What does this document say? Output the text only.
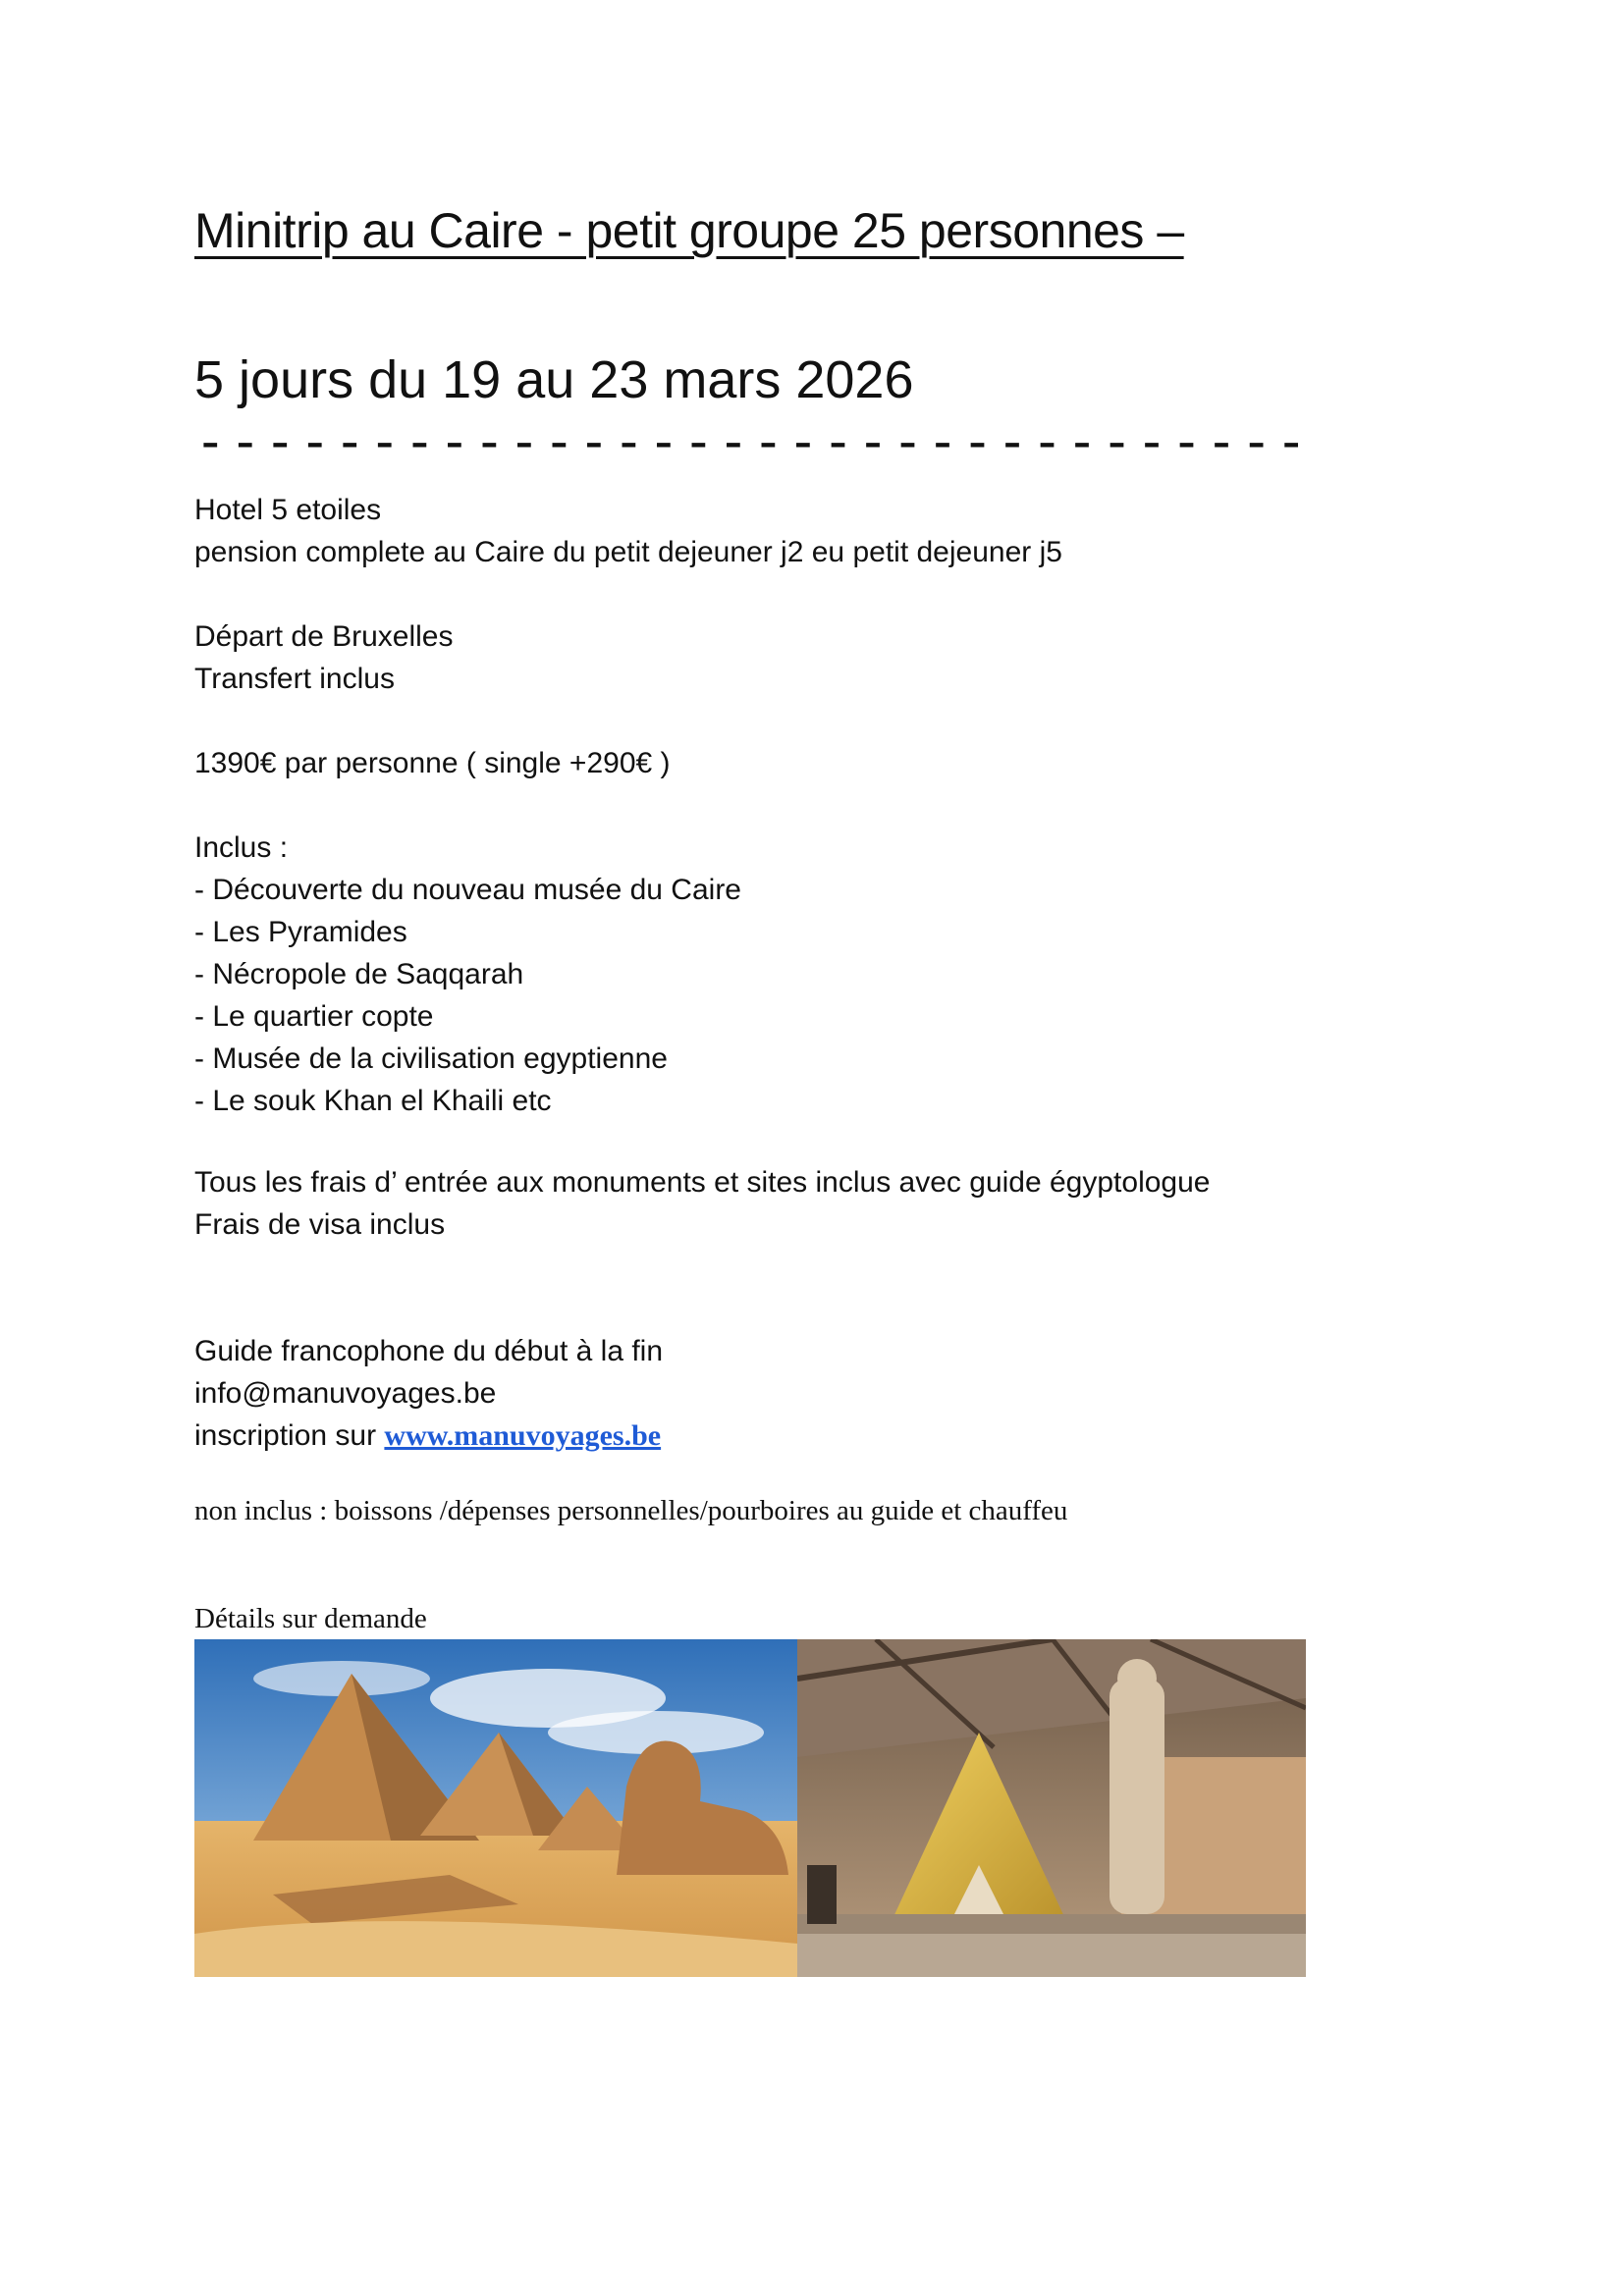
Minitrip au Caire - petit groupe 25 personnes –
5 jours du 19 au 23 mars 2026
--------------------------------

Hotel 5 etoiles

pension complete au Caire du petit dejeuner j2 eu petit dejeuner j5

Départ de Bruxelles

Transfert inclus

1390€ par personne ( single +290€ )

Inclus :

- Découverte du nouveau musée du Caire

- Les Pyramides

- Nécropole de Saqqarah

- Le quartier copte

- Musée de la civilisation egyptienne

- Le souk Khan el Khaili etc

Tous les frais d’ entrée aux monuments et sites inclus avec guide égyptologue

Frais de visa inclus

Guide francophone du début à la fin

info@manuvoyages.be

inscription sur www.manuvoyages.be

non inclus : boissons /dépenses personnelles/pourboires au guide et chauffeu

Détails sur demande
